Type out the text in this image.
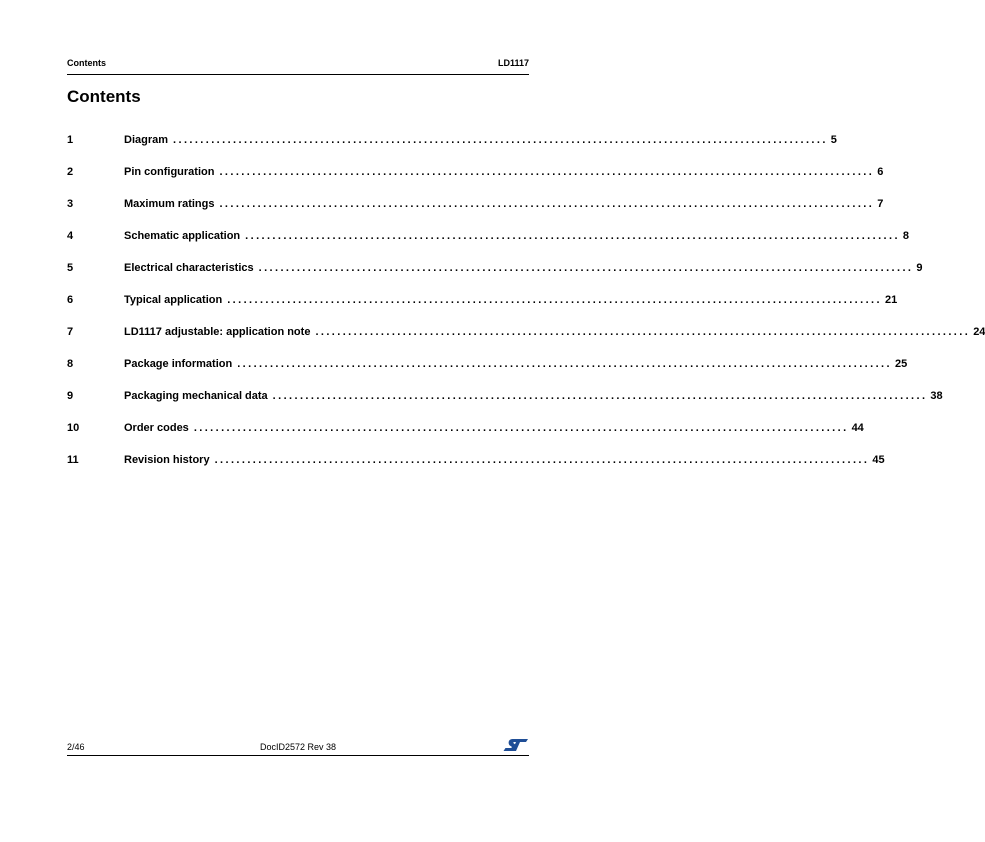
Contents	LD1117
Contents
1	Diagram ........................................................................................................................ 5
2	Pin configuration ........................................................................................................................ 6
3	Maximum ratings ........................................................................................................................ 7
4	Schematic application ........................................................................................................................ 8
5	Electrical characteristics ........................................................................................................................ 9
6	Typical application ........................................................................................................................ 21
7	LD1117 adjustable: application note ........................................................................................................................ 24
8	Package information ........................................................................................................................ 25
9	Packaging mechanical data ........................................................................................................................ 38
10	Order codes ........................................................................................................................ 44
11	Revision history ........................................................................................................................ 45
2/46	DocID2572 Rev 38
